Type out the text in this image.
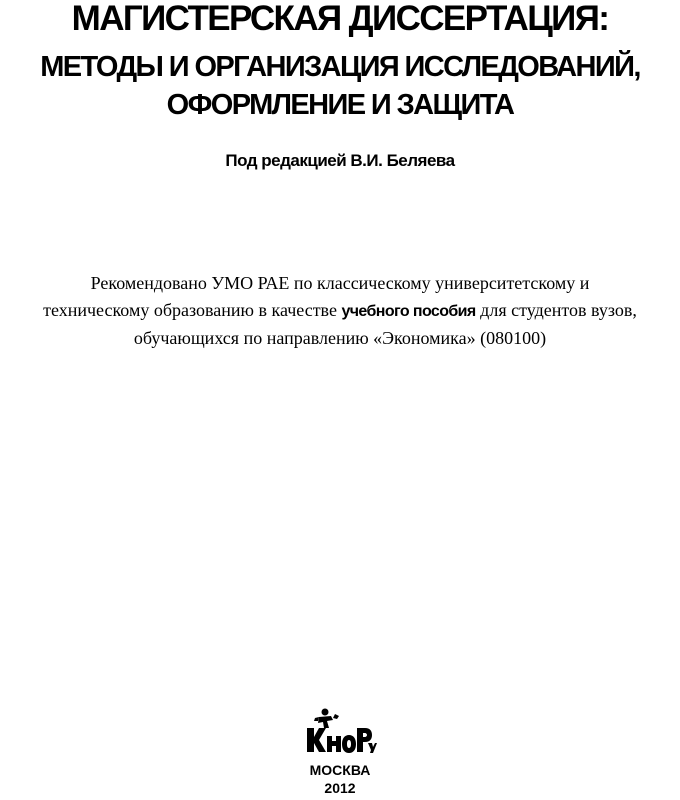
МАГИСТЕРСКАЯ ДИССЕРТАЦИЯ:
МЕТОДЫ И ОРГАНИЗАЦИЯ ИССЛЕДОВАНИЙ,
ОФОРМЛЕНИЕ И ЗАЩИТА
Под редакцией В.И. Беляева
Рекомендовано УМО РАЕ по классическому университетскому и
техническому образованию в качестве учебного пособия для студентов вузов,
обучающихся по направлению «Экономика» (080100)
МОСКВА
2012
